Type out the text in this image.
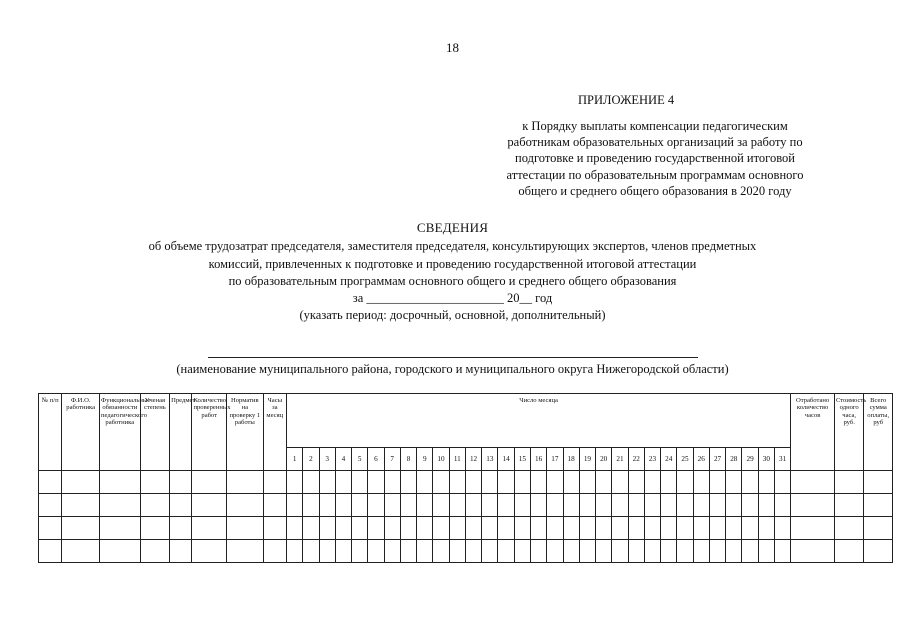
18
ПРИЛОЖЕНИЕ 4
к Порядку выплаты компенсации педагогическим
работникам образовательных организаций за работу по
подготовке и проведению государственной итоговой
аттестации по образовательным программам основного
общего и среднего общего образования в 2020 году
СВЕДЕНИЯ
об объеме трудозатрат председателя, заместителя председателя, консультирующих экспертов, членов предметных
комиссий, привлеченных к подготовке и проведению государственной итоговой аттестации
по образовательным программам основного общего и среднего общего образования
за ______________________ 20__ год
(указать период: досрочный, основной, дополнительный)
(наименование муниципального района, городского и муниципального округа Нижегородской области)
№ п/п	Ф.И.О. работника	Функциональные обязанности педагогического работника	Ученая степень	Предмет	Количество проверенных работ	Норматив на проверку 1 работы	Часы за месяц	Число месяца																															Отработано количество часов	Стоимость одного часа, руб.	Всего сумма оплаты, руб
								1	2	3	4	5	6	7	8	9	10	11	12	13	14	15	16	17	18	19	20	21	22	23	24	25	26	27	28	29	30	31			
